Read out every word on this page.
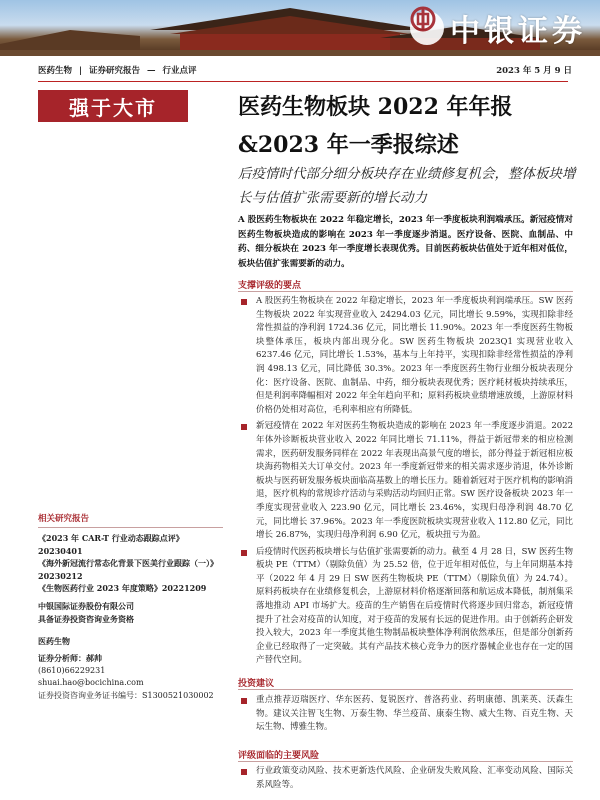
中银证券
医药生物 | 证券研究报告 — 行业点评	2023 年 5 月 9 日
强于大市	医药生物板块 2022 年年报&2023 年一季报综述
后疫情时代部分细分板块存在业绩修复机会，整体板块增长与估值扩张需要新的增长动力
A 股医药生物板块在 2022 年稳定增长，2023 年一季度板块利润端承压。新冠疫情对医药生物板块造成的影响在 2023 年一季度逐步消退。医疗设备、医院、血制品、中药、细分板块在 2023 年一季度增长表现优秀。目前医药板块估值处于近年相对低位，板块估值扩张需要新的动力。
支撑评级的要点
A 股医药生物板块在 2022 年稳定增长，2023 年一季度板块利润端承压。SW 医药生物板块 2022 年实现营业收入 24294.03 亿元，同比增长 9.59%，实现扣除非经常性损益的净利润 1724.36 亿元，同比增长 11.90%。2023 年一季度医药生物板块整体承压，板块内部出现分化。SW 医药生物板块 2023Q1 实现营业收入 6237.46 亿元，同比增长 1.53%，基本与上年持平，实现扣除非经常性损益的净利润 498.13 亿元，同比降低 30.3%。2023 年一季度医药生物行业细分板块表现分化：医疗设备、医院、血制品、中药，细分板块表现优秀；医疗耗材板块持续承压，但是利润率降幅相对 2022 年全年趋向平和；原料药板块业绩增速放缓，上游原材料价格仍处相对高位，毛利率相应有所降低。
新冠疫情在 2022 年对医药生物板块造成的影响在 2023 年一季度逐步消退。2022 年体外诊断板块营业收入 2022 年同比增长 71.11%，得益于新冠带来的相应检测需求，医药研发服务同样在 2022 年表现出高景气度的增长，部分得益于新冠相应板块海药物相关大订单交付。2023 年一季度新冠带来的相关需求逐步消退，体外诊断板块与医药研发服务板块面临高基数上的增长压力。随着新冠对于医疗机构的影响消退，医疗机构的常规诊疗活动与采购活动均回归正常。SW 医疗设备板块 2023 年一季度实现营业收入 223.90 亿元，同比增长 23.46%，实现归母净利润 48.70 亿元，同比增长 37.96%。2023 年一季度医院板块实现营业收入 112.80 亿元，同比增长 26.87%，实现归母净利润 6.90 亿元，板块扭亏为盈。
后疫情时代医药板块增长与估值扩张需要新的动力。截至 4 月 28 日，SW 医药生物板块 PE（TTM）（剔除负值）为 25.52 倍，位于近年相对低位，与上年同期基本持平（2022 年 4 月 29 日 SW 医药生物板块 PE（TTM）（剔除负值）为 24.74）。原料药板块存在业绩修复机会，上游原材料价格逐渐回落和航运成本降低，制剂集采落地推动 API 市场扩大。疫苗的生产销售在后疫情时代将逐步回归常态，新冠疫情提升了社会对疫苗的认知度，对于疫苗的发展有长远的促进作用。由于创新药企研发投入较大，2023 年一季度其他生物制品板块整体净利润依然承压，但是部分创新药企业已经取得了一定突破。其有产品技术核心竞争力的医疗器械企业也存在一定的国产替代空间。
投资建议
重点推荐迈瑞医疗、华东医药、复锐医疗、普洛药业、药明康德、凯莱英、沃森生物。建议关注智飞生物、万泰生物、华兰疫苗、康泰生物、威大生物、百克生物、天坛生物、博雅生物。
评级面临的主要风险
行业政策变动风险、技术更新迭代风险、企业研发失败风险、汇率变动风险、国际关系风险等。
相关研究报告

《2023 年 CAR-T 行业动态跟踪点评》20230401

《海外新冠流行常态化背景下医美行业跟踪（一）》20230212

《生物医药行业 2023 年度策略》20221209

中银国际证券股份有限公司

具备证券投资咨询业务资格

医药生物

证券分析师：郝帅

(8610)66229231

shuai.hao@bocichina.com

证券投资咨询业务证书编号：S1300521030002
